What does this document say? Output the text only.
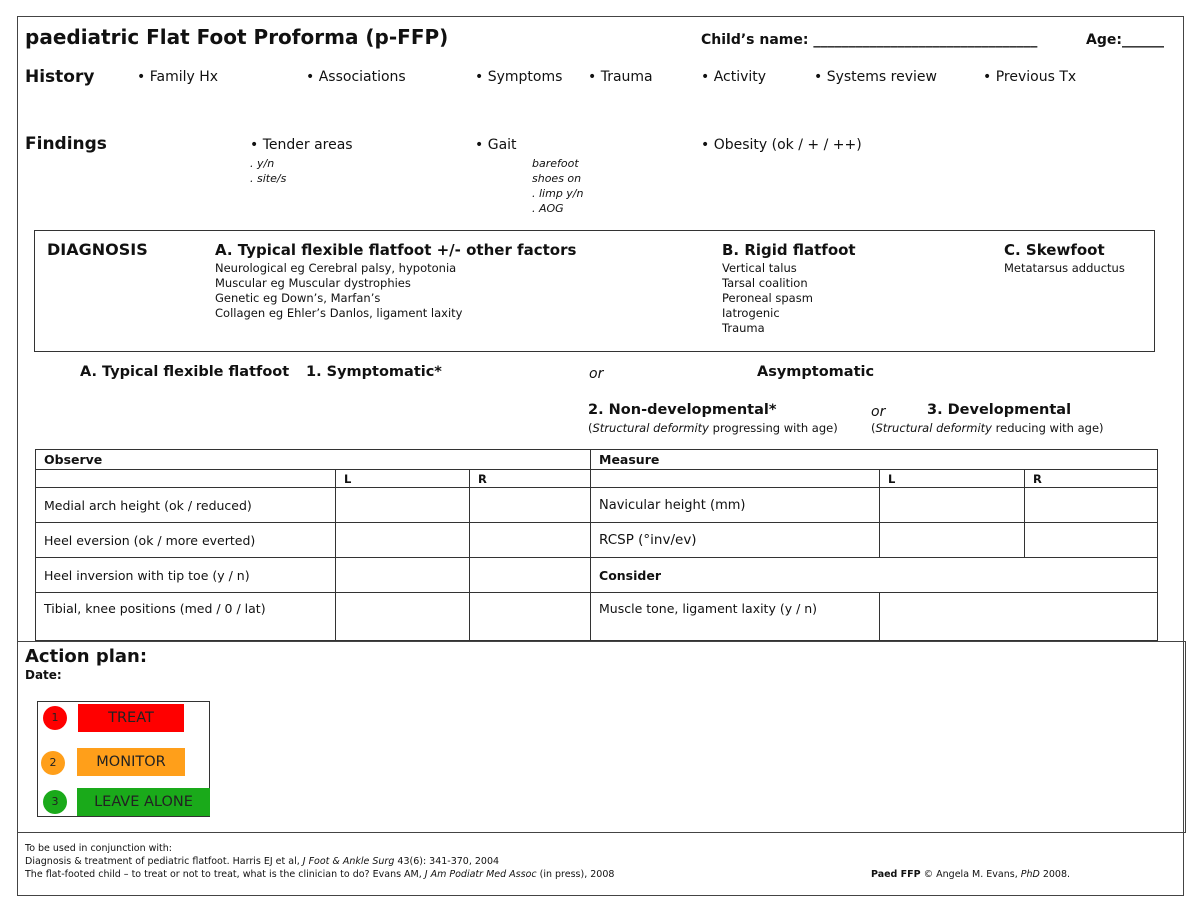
paediatric Flat Foot Proforma (p-FFP)	Child’s name: ________________________________	Age:______
History	• Family Hx	• Associations	• Symptoms • Trauma	• Activity	• Systems review	• Previous Tx
Findings	• Tender areas
. y/n
. site/s
• Gait
barefoot
shoes on
. limp y/n
. AOG
• Obesity (ok / + / ++)
DIAGNOSIS	A. Typical flexible flatfoot +/- other factors
Neurological eg Cerebral palsy, hypotonia
Muscular eg Muscular dystrophies
Genetic eg Down’s, Marfan’s
Collagen eg Ehler’s Danlos, ligament laxity
B. Rigid flatfoot
Vertical talus
Tarsal coalition
Peroneal spasm
Iatrogenic
Trauma
C. Skewfoot
Metatarsus adductus
A. Typical flexible flatfoot 1. Symptomatic*	or	Asymptomatic
2. Non-developmental*
(Structural deformity progressing with age)
or	3. Developmental
(Structural deformity reducing with age)
Observe			Measure		
	L	R		L	R
Medial arch height (ok / reduced)			Navicular height (mm)		
Heel eversion (ok / more everted)			RCSP (°inv/ev)		
Heel inversion with tip toe (y / n)			Consider		
Tibial, knee positions (med / 0 / lat)			Muscle tone, ligament laxity (y / n)		
Action plan:
Date:
1	TREAT
2	MONITOR
3	LEAVE ALONE
To be used in conjunction with:
Diagnosis & treatment of pediatric flatfoot. Harris EJ et al, J Foot & Ankle Surg 43(6): 341-370, 2004
The flat-footed child – to treat or not to treat, what is the clinician to do? Evans AM, J Am Podiatr Med Assoc (in press), 2008	Paed FFP © Angela M. Evans, PhD 2008.
